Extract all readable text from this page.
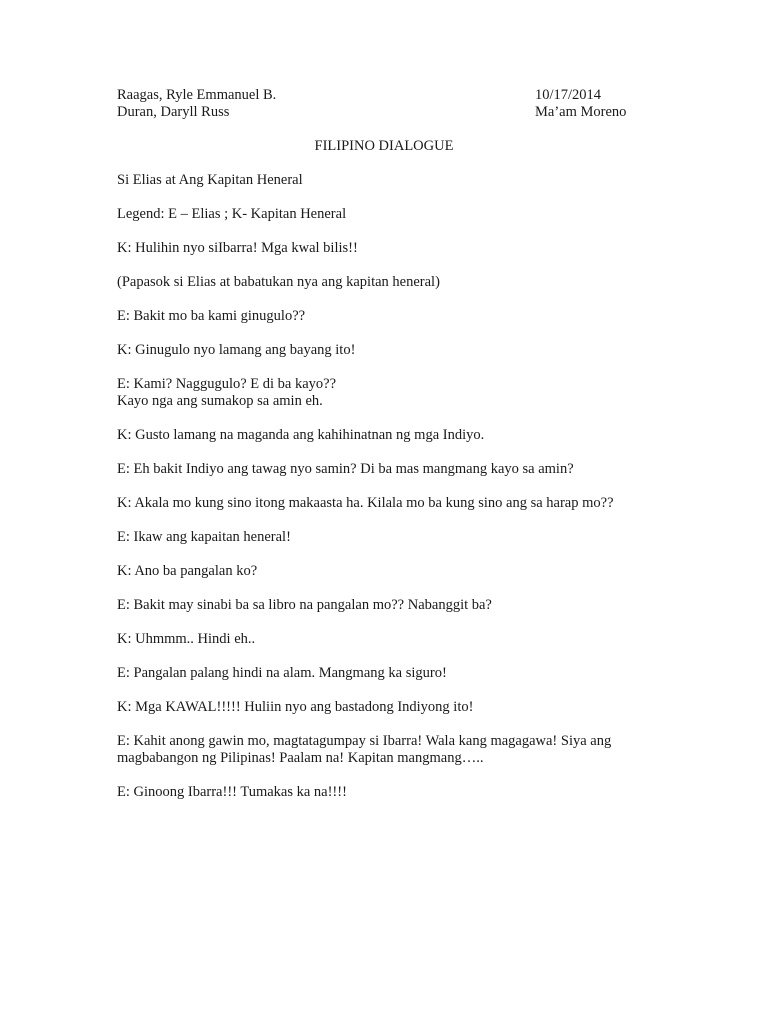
Raagas, Ryle Emmanuel B.	10/17/2014
Duran, Daryll Russ	Ma’am Moreno
FILIPINO DIALOGUE

Si Elias at Ang Kapitan Heneral

Legend: E – Elias ; K- Kapitan Heneral

K: Hulihin nyo siIbarra! Mga kwal bilis!!

(Papasok si Elias at babatukan nya ang kapitan heneral)

E: Bakit mo ba kami ginugulo??

K: Ginugulo nyo lamang ang bayang ito!

E: Kami? Naggugulo? E di ba kayo??
Kayo nga ang sumakop sa amin eh.

K: Gusto lamang na maganda ang kahihinatnan ng mga Indiyo.

E: Eh bakit Indiyo ang tawag nyo samin? Di ba mas mangmang kayo sa amin?

K: Akala mo kung sino itong makaasta ha. Kilala mo ba kung sino ang sa harap mo??

E: Ikaw ang kapaitan heneral!

K: Ano ba pangalan ko?

E: Bakit may sinabi ba sa libro na pangalan mo?? Nabanggit ba?

K: Uhmmm.. Hindi eh..

E: Pangalan palang hindi na alam. Mangmang ka siguro!

K: Mga KAWAL!!!!! Huliin nyo ang bastadong Indiyong ito!

E: Kahit anong gawin mo, magtatagumpay si Ibarra! Wala kang magagawa! Siya ang
magbabangon ng Pilipinas! Paalam na! Kapitan mangmang…..

E: Ginoong Ibarra!!! Tumakas ka na!!!!
